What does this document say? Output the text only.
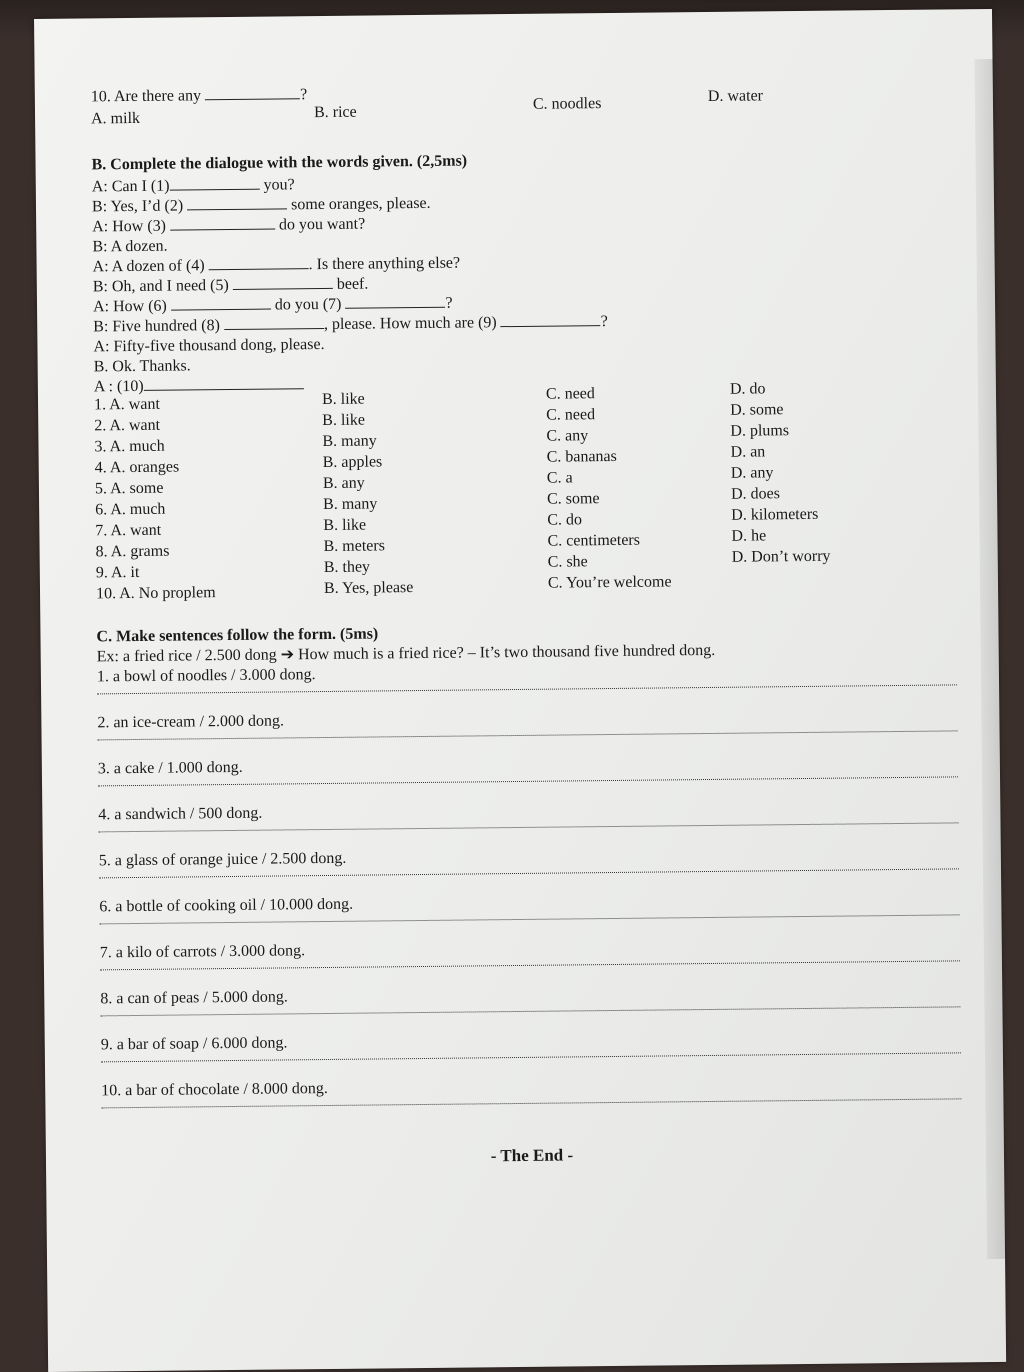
10. Are there any	?
A. milk	B. rice	C. noodles	D. water
B. Complete the dialogue with the words given. (2,5ms)
A: Can I (1)	you?
B: Yes, I’d (2)	some oranges, please.
A: How (3)	do you want?
B: A dozen.
A: A dozen of (4)	. Is there anything else?
B: Oh, and I need (5)	beef.
A: How (6)	do you (7)	?
B: Five hundred (8)	, please. How much are (9)	?
A: Fifty-five thousand dong, please.
B. Ok. Thanks.
A : (10)
1. A. want	B. like	C. need	D. do
2. A. want	B. like	C. need	D. some
3. A. much	B. many	C. any	D. plums
4. A. oranges	B. apples	C. bananas	D. an
5. A. some	B. any	C. a	D. any
6. A. much	B. many	C. some	D. does
7. A. want	B. like	C. do	D. kilometers
8. A. grams	B. meters	C. centimeters	D. he
9. A. it	B. they	C. she	D. Don’t worry
10. A. No proplem	B. Yes, please	C. You’re welcome
C. Make sentences follow the form. (5ms)
Ex: a fried rice / 2.500 dong ➔ How much is a fried rice? – It’s two thousand five hundred dong.
1. a bowl of noodles / 3.000 dong.
2. an ice-cream / 2.000 dong.
3. a cake / 1.000 dong.
4. a sandwich / 500 dong.
5. a glass of orange juice / 2.500 dong.
6. a bottle of cooking oil / 10.000 dong.
7. a kilo of carrots / 3.000 dong.
8. a can of peas / 5.000 dong.
9. a bar of soap / 6.000 dong.
10. a bar of chocolate / 8.000 dong.
- The End -
